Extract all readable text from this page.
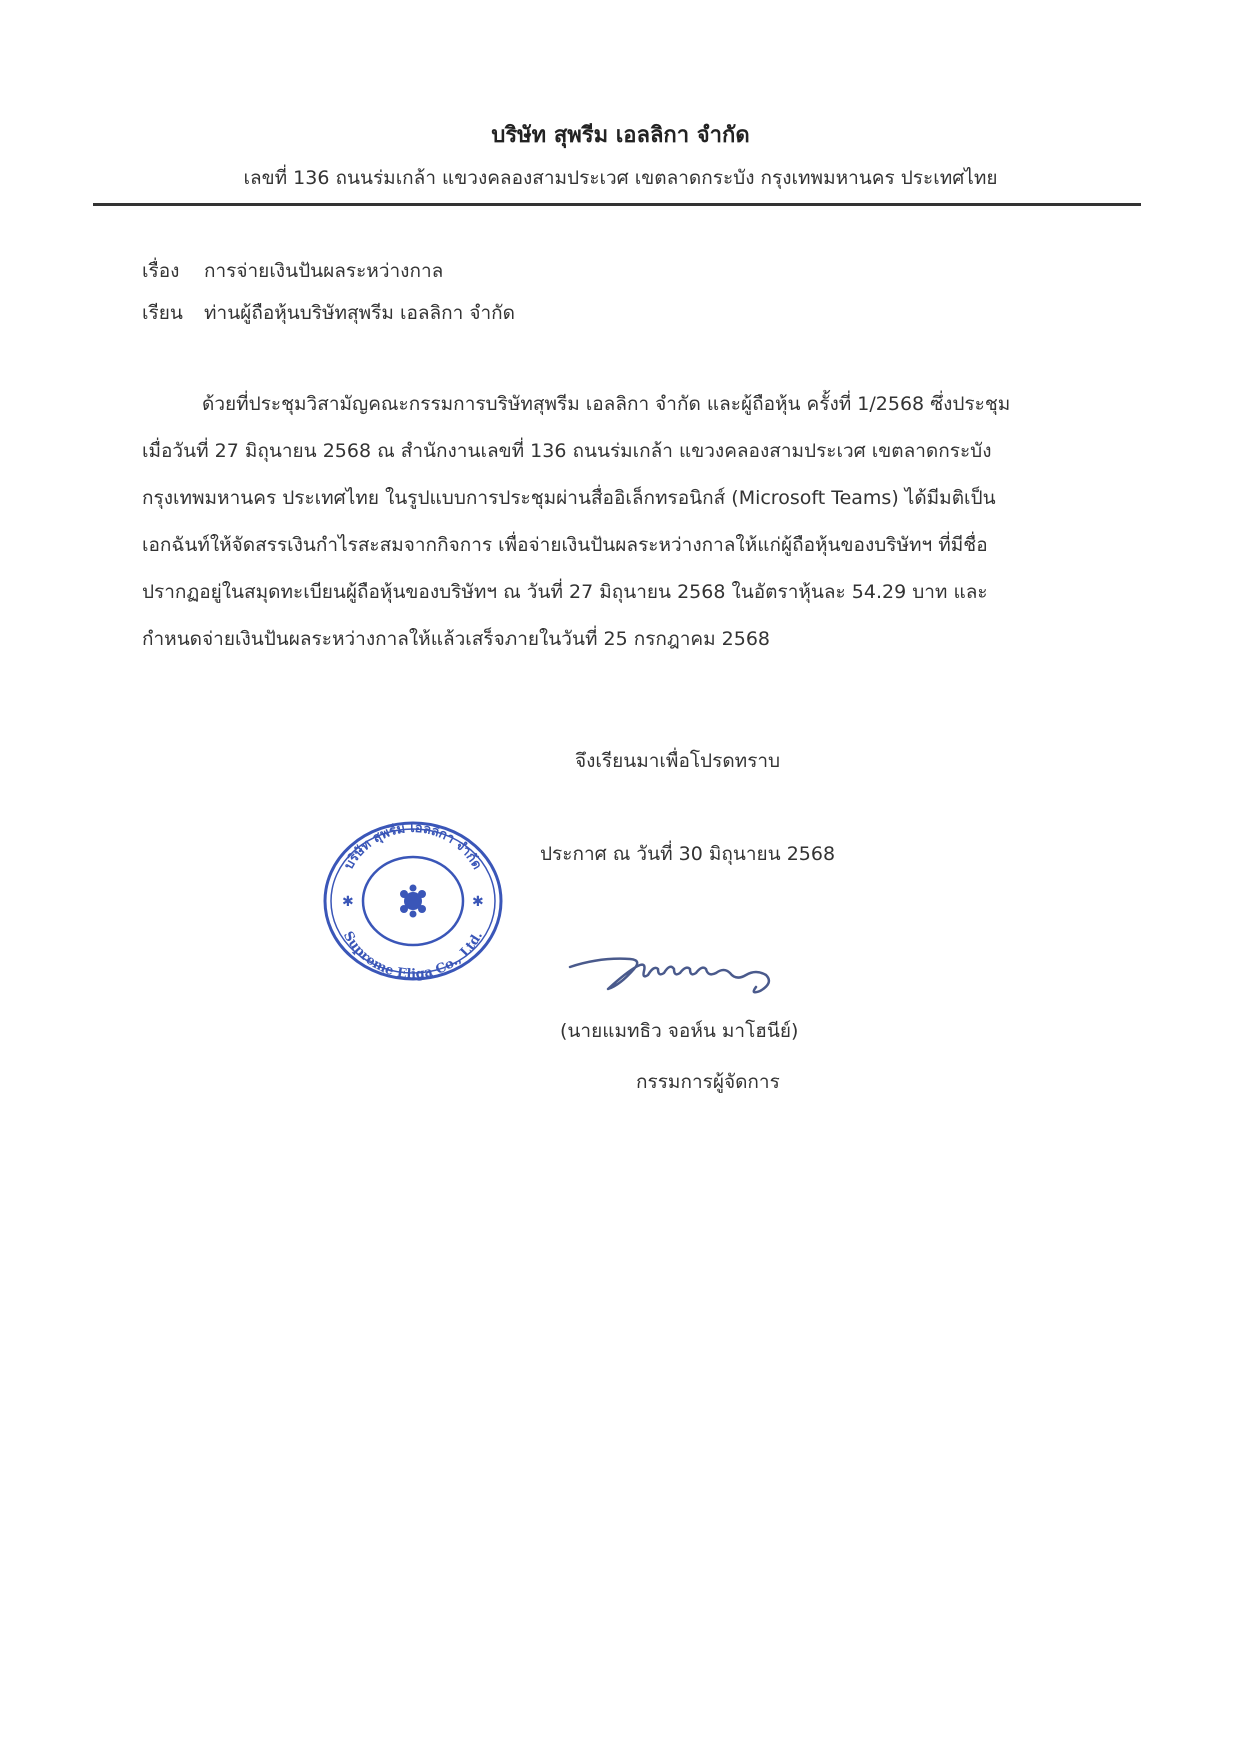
บริษัท สุพรีม เอลลิกา จำกัด
เลขที่ 136 ถนนร่มเกล้า แขวงคลองสามประเวศ เขตลาดกระบัง กรุงเทพมหานคร ประเทศไทย
เรื่อง การจ่ายเงินปันผลระหว่างกาล
เรียน ท่านผู้ถือหุ้นบริษัทสุพรีม เอลลิกา จำกัด
ด้วยที่ประชุมวิสามัญคณะกรรมการบริษัทสุพรีม เอลลิกา จำกัด และผู้ถือหุ้น ครั้งที่ 1/2568 ซึ่งประชุม
เมื่อวันที่ 27 มิถุนายน 2568 ณ สำนักงานเลขที่ 136 ถนนร่มเกล้า แขวงคลองสามประเวศ เขตลาดกระบัง
กรุงเทพมหานคร ประเทศไทย ในรูปแบบการประชุมผ่านสื่ออิเล็กทรอนิกส์ (Microsoft Teams) ได้มีมติเป็น
เอกฉันท์ให้จัดสรรเงินกำไรสะสมจากกิจการ เพื่อจ่ายเงินปันผลระหว่างกาลให้แก่ผู้ถือหุ้นของบริษัทฯ ที่มีชื่อ
ปรากฏอยู่ในสมุดทะเบียนผู้ถือหุ้นของบริษัทฯ ณ วันที่ 27 มิถุนายน 2568 ในอัตราหุ้นละ 54.29 บาท และ
กำหนดจ่ายเงินปันผลระหว่างกาลให้แล้วเสร็จภายในวันที่ 25 กรกฎาคม 2568
จึงเรียนมาเพื่อโปรดทราบ
ประกาศ ณ วันที่ 30 มิถุนายน 2568
บริษัท สุพรีม เอลลิกา จำกัด
Supreme Eliga Co., Ltd.
✱	✱
(นายแมทธิว จอห์น มาโฮนีย์)
กรรมการผู้จัดการ
